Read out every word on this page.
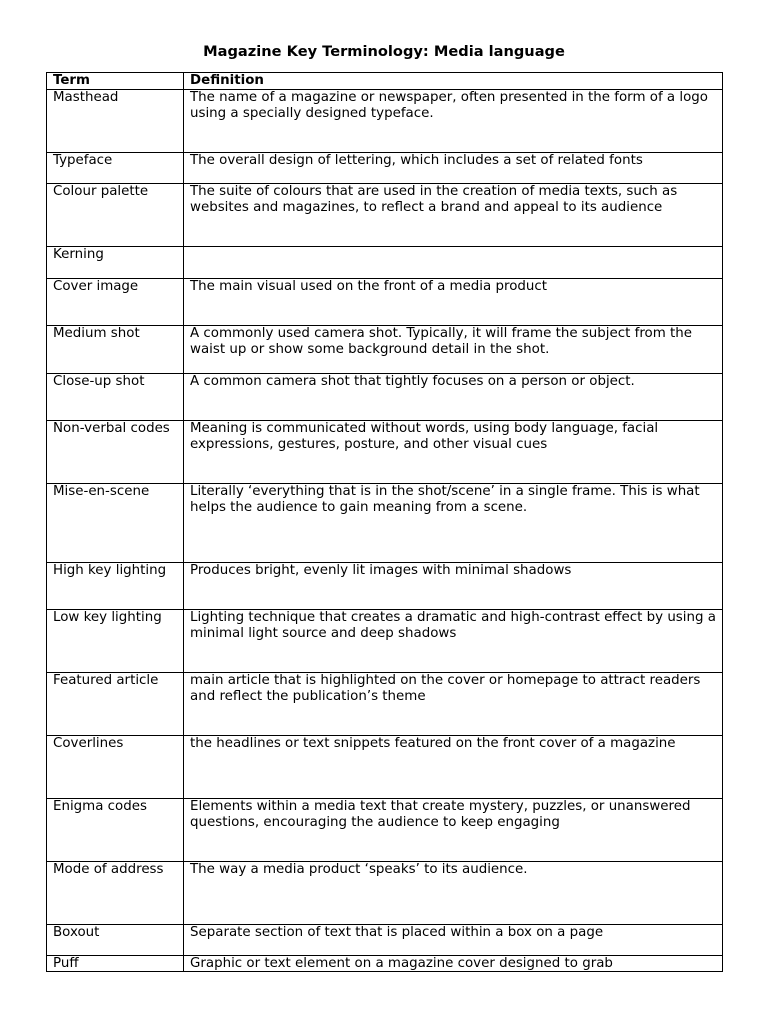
Magazine Key Terminology: Media language
Term	Definition
Masthead	The name of a magazine or newspaper, often presented in the form of a logo using a specially designed typeface.
Typeface	The overall design of lettering, which includes a set of related fonts
Colour palette	The suite of colours that are used in the creation of media texts, such as websites and magazines, to reflect a brand and appeal to its audience
Kerning	
Cover image	The main visual used on the front of a media product
Medium shot	A commonly used camera shot. Typically, it will frame the subject from the waist up or show some background detail in the shot.
Close-up shot	A common camera shot that tightly focuses on a person or object.
Non-verbal codes	Meaning is communicated without words, using body language, facial expressions, gestures, posture, and other visual cues
Mise-en-scene	Literally ‘everything that is in the shot/scene’ in a single frame. This is what helps the audience to gain meaning from a scene.
High key lighting	Produces bright, evenly lit images with minimal shadows
Low key lighting	Lighting technique that creates a dramatic and high-contrast effect by using a minimal light source and deep shadows
Featured article	main article that is highlighted on the cover or homepage to attract readers and reflect the publication’s theme
Coverlines	the headlines or text snippets featured on the front cover of a magazine
Enigma codes	Elements within a media text that create mystery, puzzles, or unanswered questions, encouraging the audience to keep engaging
Mode of address	The way a media product ‘speaks’ to its audience.
Boxout	Separate section of text that is placed within a box on a page
Puff	Graphic or text element on a magazine cover designed to grab
